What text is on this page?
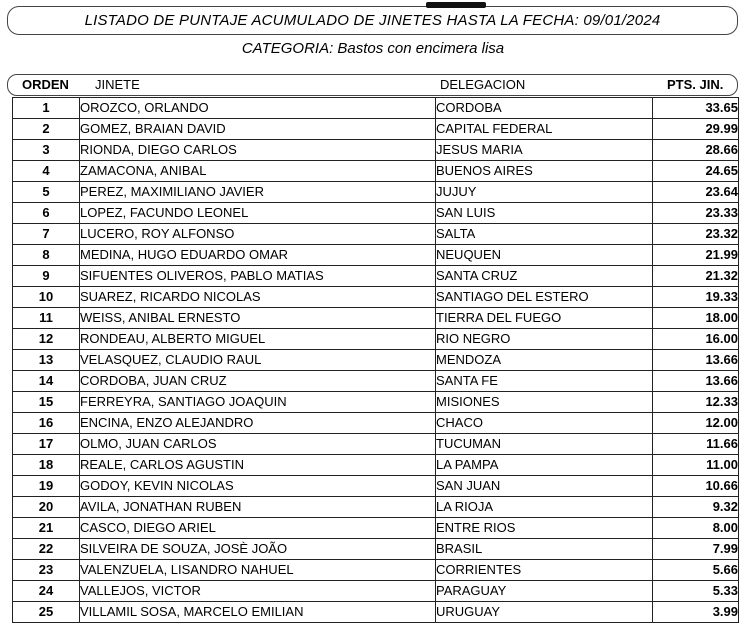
LISTADO DE PUNTAJE ACUMULADO DE JINETES HASTA LA FECHA: 09/01/2024
CATEGORIA: Bastos con encimera lisa
ORDEN JINETE	DELEGACION	PTS. JIN.
1	OROZCO, ORLANDO	CORDOBA	33.65
2	GOMEZ, BRAIAN DAVID	CAPITAL FEDERAL	29.99
3	RIONDA, DIEGO CARLOS	JESUS MARIA	28.66
4	ZAMACONA, ANIBAL	BUENOS AIRES	24.65
5	PEREZ, MAXIMILIANO JAVIER	JUJUY	23.64
6	LOPEZ, FACUNDO LEONEL	SAN LUIS	23.33
7	LUCERO, ROY ALFONSO	SALTA	23.32
8	MEDINA, HUGO EDUARDO OMAR	NEUQUEN	21.99
9	SIFUENTES OLIVEROS, PABLO MATIAS	SANTA CRUZ	21.32
10	SUAREZ, RICARDO NICOLAS	SANTIAGO DEL ESTERO	19.33
11	WEISS, ANIBAL ERNESTO	TIERRA DEL FUEGO	18.00
12	RONDEAU, ALBERTO MIGUEL	RIO NEGRO	16.00
13	VELASQUEZ, CLAUDIO RAUL	MENDOZA	13.66
14	CORDOBA, JUAN CRUZ	SANTA FE	13.66
15	FERREYRA, SANTIAGO JOAQUIN	MISIONES	12.33
16	ENCINA, ENZO ALEJANDRO	CHACO	12.00
17	OLMO, JUAN CARLOS	TUCUMAN	11.66
18	REALE, CARLOS AGUSTIN	LA PAMPA	11.00
19	GODOY, KEVIN NICOLAS	SAN JUAN	10.66
20	AVILA, JONATHAN RUBEN	LA RIOJA	9.32
21	CASCO, DIEGO ARIEL	ENTRE RIOS	8.00
22	SILVEIRA DE SOUZA, JOSÈ JOÃO	BRASIL	7.99
23	VALENZUELA, LISANDRO NAHUEL	CORRIENTES	5.66
24	VALLEJOS, VICTOR	PARAGUAY	5.33
25	VILLAMIL SOSA, MARCELO EMILIAN	URUGUAY	3.99
